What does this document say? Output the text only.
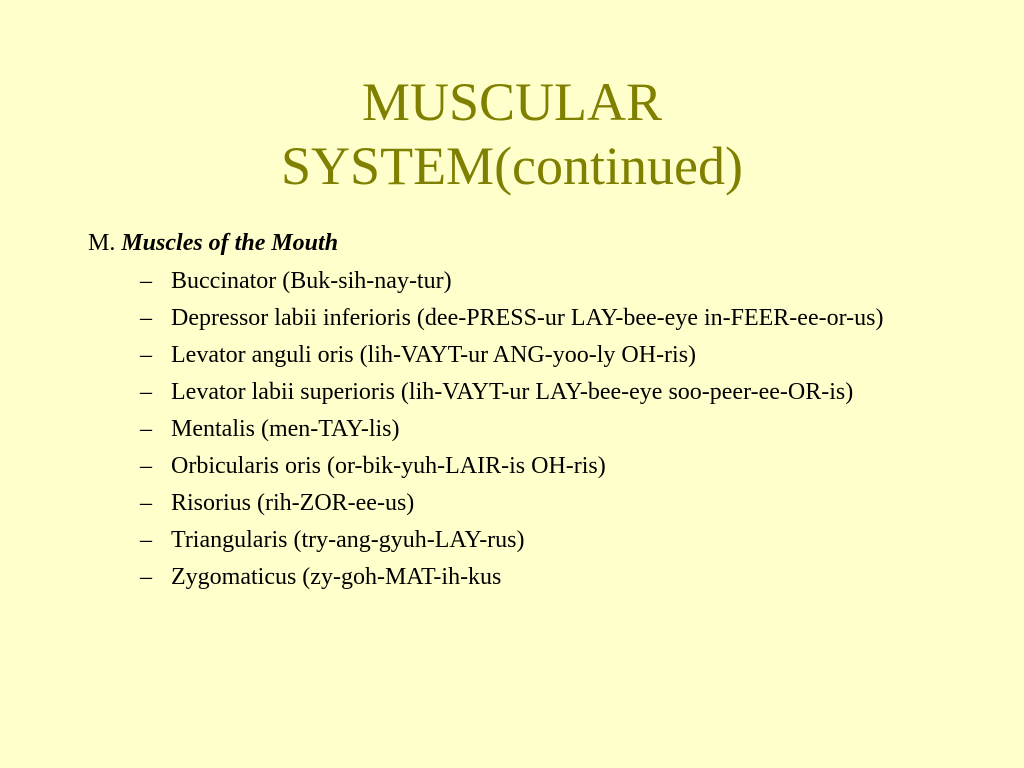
MUSCULAR
SYSTEM(continued)

M. Muscles of the Mouth

– Buccinator (Buk-sih-nay-tur)
– Depressor labii inferioris (dee-PRESS-ur LAY-bee-eye in-FEER-ee-or-us)
– Levator anguli oris (lih-VAYT-ur ANG-yoo-ly OH-ris)
– Levator labii superioris (lih-VAYT-ur LAY-bee-eye soo-peer-ee-OR-is)
– Mentalis (men-TAY-lis)
– Orbicularis oris (or-bik-yuh-LAIR-is OH-ris)
– Risorius (rih-ZOR-ee-us)
– Triangularis (try-ang-gyuh-LAY-rus)
– Zygomaticus (zy-goh-MAT-ih-kus
